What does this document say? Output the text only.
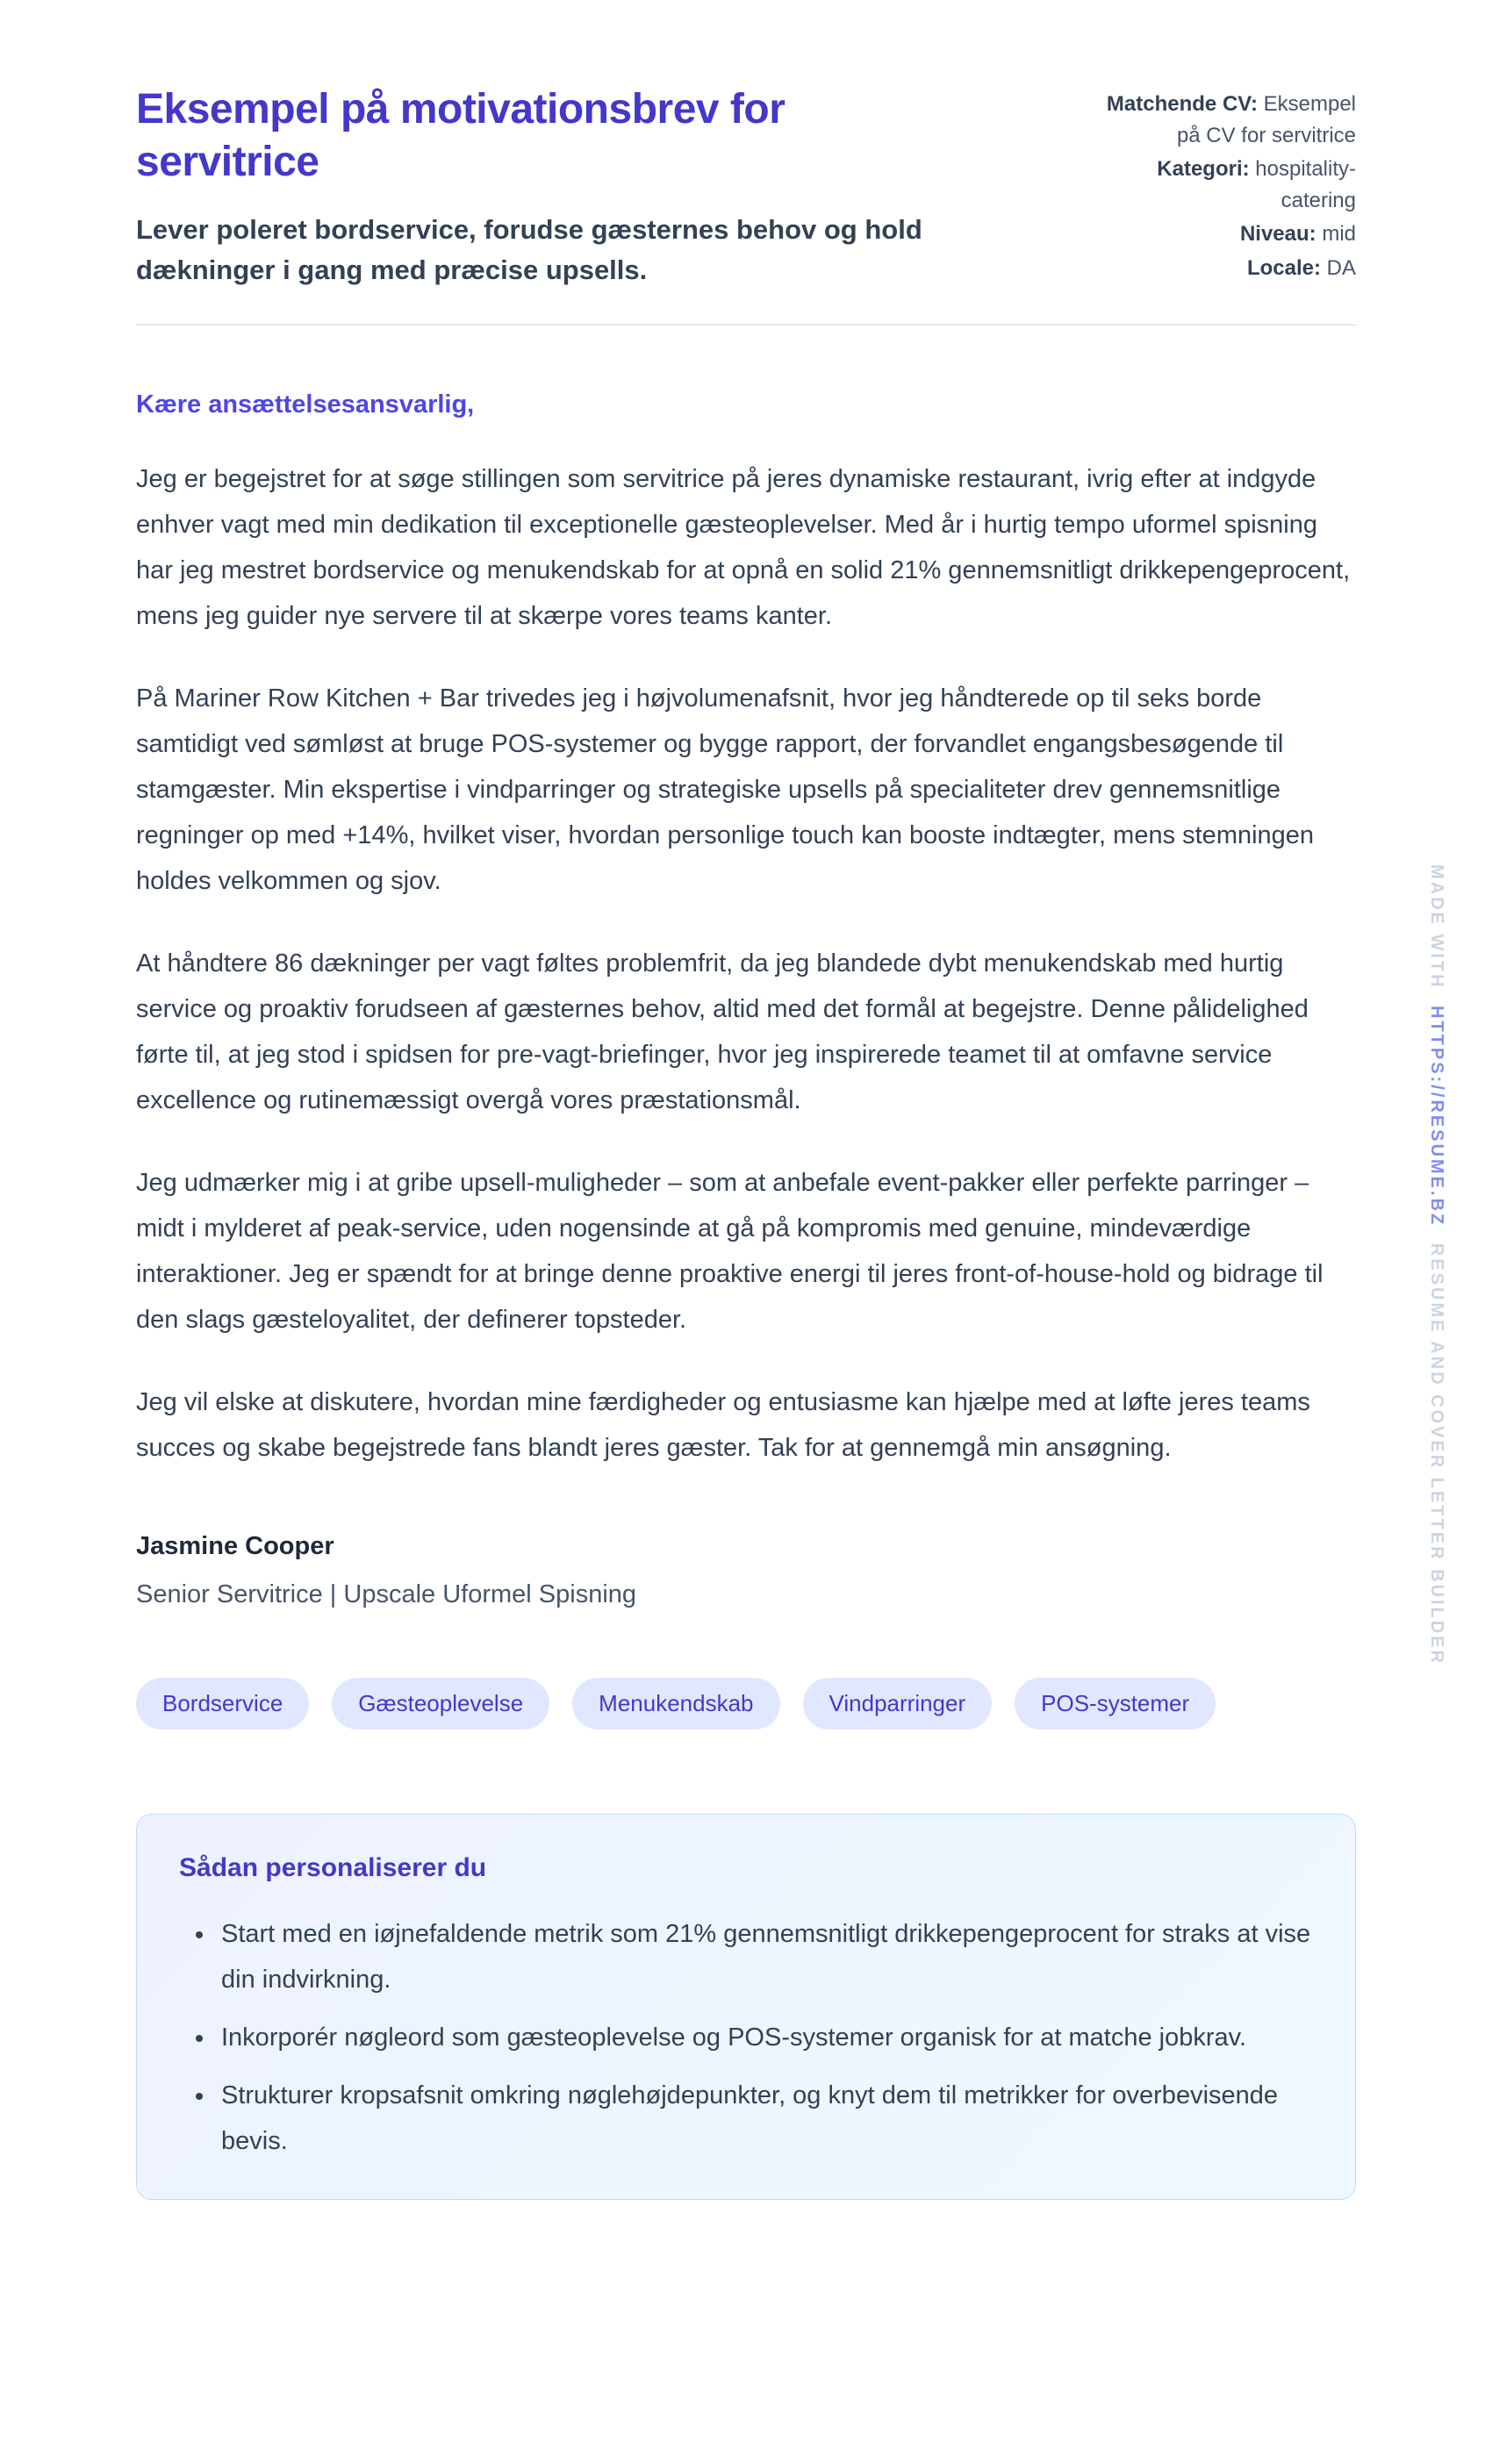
Eksempel på motivationsbrev for servitrice

Lever poleret bordservice, forudse gæsternes behov og hold dækninger i gang med præcise upsells.

Matchende CV: Eksempel på CV for servitrice
Kategori: hospitality-catering
Niveau: mid
Locale: DA

Kære ansættelsesansvarlig,

Jeg er begejstret for at søge stillingen som servitrice på jeres dynamiske restaurant, ivrig efter at indgyde enhver vagt med min dedikation til exceptionelle gæsteoplevelser. Med år i hurtig tempo uformel spisning har jeg mestret bordservice og menukendskab for at opnå en solid 21% gennemsnitligt drikkepengeprocent, mens jeg guider nye servere til at skærpe vores teams kanter.

På Mariner Row Kitchen + Bar trivedes jeg i højvolumenafsnit, hvor jeg håndterede op til seks borde samtidigt ved sømløst at bruge POS-systemer og bygge rapport, der forvandlet engangsbesøgende til stamgæster. Min ekspertise i vindparringer og strategiske upsells på specialiteter drev gennemsnitlige regninger op med +14%, hvilket viser, hvordan personlige touch kan booste indtægter, mens stemningen holdes velkommen og sjov.

At håndtere 86 dækninger per vagt føltes problemfrit, da jeg blandede dybt menukendskab med hurtig service og proaktiv forudseen af gæsternes behov, altid med det formål at begejstre. Denne pålidelighed førte til, at jeg stod i spidsen for pre-vagt-briefinger, hvor jeg inspirerede teamet til at omfavne service excellence og rutinemæssigt overgå vores præstationsmål.

Jeg udmærker mig i at gribe upsell-muligheder – som at anbefale event-pakker eller perfekte parringer – midt i mylderet af peak-service, uden nogensinde at gå på kompromis med genuine, mindeværdige interaktioner. Jeg er spændt for at bringe denne proaktive energi til jeres front-of-house-hold og bidrage til den slags gæsteloyalitet, der definerer topsteder.

Jeg vil elske at diskutere, hvordan mine færdigheder og entusiasme kan hjælpe med at løfte jeres teams succes og skabe begejstrede fans blandt jeres gæster. Tak for at gennemgå min ansøgning.

Jasmine Cooper

Senior Servitrice | Upscale Uformel Spisning

Bordservice	Gæsteoplevelse	Menukendskab	Vindparringer	POS-systemer
Sådan personaliserer du
• Start med en iøjnefaldende metrik som 21% gennemsnitligt drikkepengeprocent for straks at vise din indvirkning.
• Inkorporér nøgleord som gæsteoplevelse og POS-systemer organisk for at matche jobkrav.
• Strukturer kropsafsnit omkring nøglehøjdepunkter, og knyt dem til metrikker for overbevisende bevis.
MADE WITH HTTPS://RESUME.BZ RESUME AND COVER LETTER BUILDER
